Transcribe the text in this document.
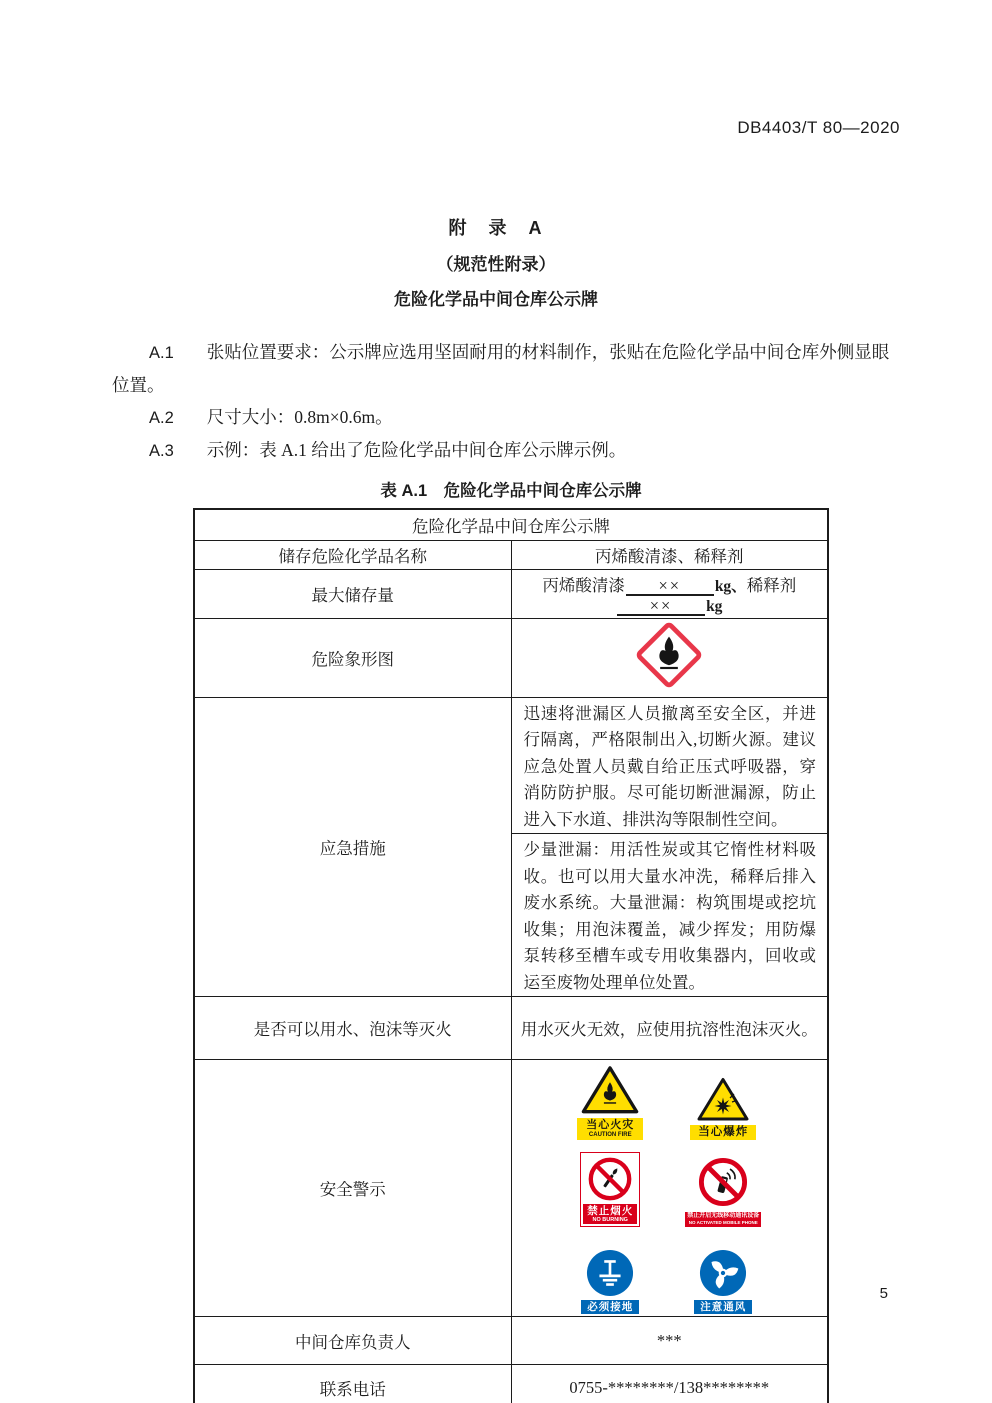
DB4403/T 80—2020
附　录　A
（规范性附录）
危险化学品中间仓库公示牌

A.1 张贴位置要求：公示牌应选用坚固耐用的材料制作，张贴在危险化学品中间仓库外侧显眼位置。

A.2 尺寸大小：0.8m×0.6m。

A.3 示例：表 A.1 给出了危险化学品中间仓库公示牌示例。

表 A.1　危险化学品中间仓库公示牌
危险化学品中间仓库公示牌	
储存危险化学品名称	丙烯酸清漆、稀释剂
最大储存量	丙烯酸清漆 ×× kg、稀释剂×× kg
危险象形图	
应急措施	迅速将泄漏区人员撤离至安全区，并进行隔离，严格限制出入,切断火源。建议应急处置人员戴自给正压式呼吸器，穿消防防护服。尽可能切断泄漏源，防止进入下水道、排洪沟等限制性空间。
	少量泄漏：用活性炭或其它惰性材料吸收。也可以用大量水冲洗，稀释后排入废水系统。大量泄漏：构筑围堤或挖坑收集；用泡沫覆盖，减少挥发；用防爆泵转移至槽车或专用收集器内，回收或运至废物处理单位处置。
是否可以用水、泡沫等灭火	用水灭火无效，应使用抗溶性泡沫灭火。
安全警示	
当心火灾
CAUTION FIRE	当心爆炸
禁止烟火
NO BURNING
禁止开启无线移动通讯设备
NO ACTIVATED MOBILE PHONE
必须接地	注意通风

中间仓库负责人	***
联系电话	0755-********/138********
5
